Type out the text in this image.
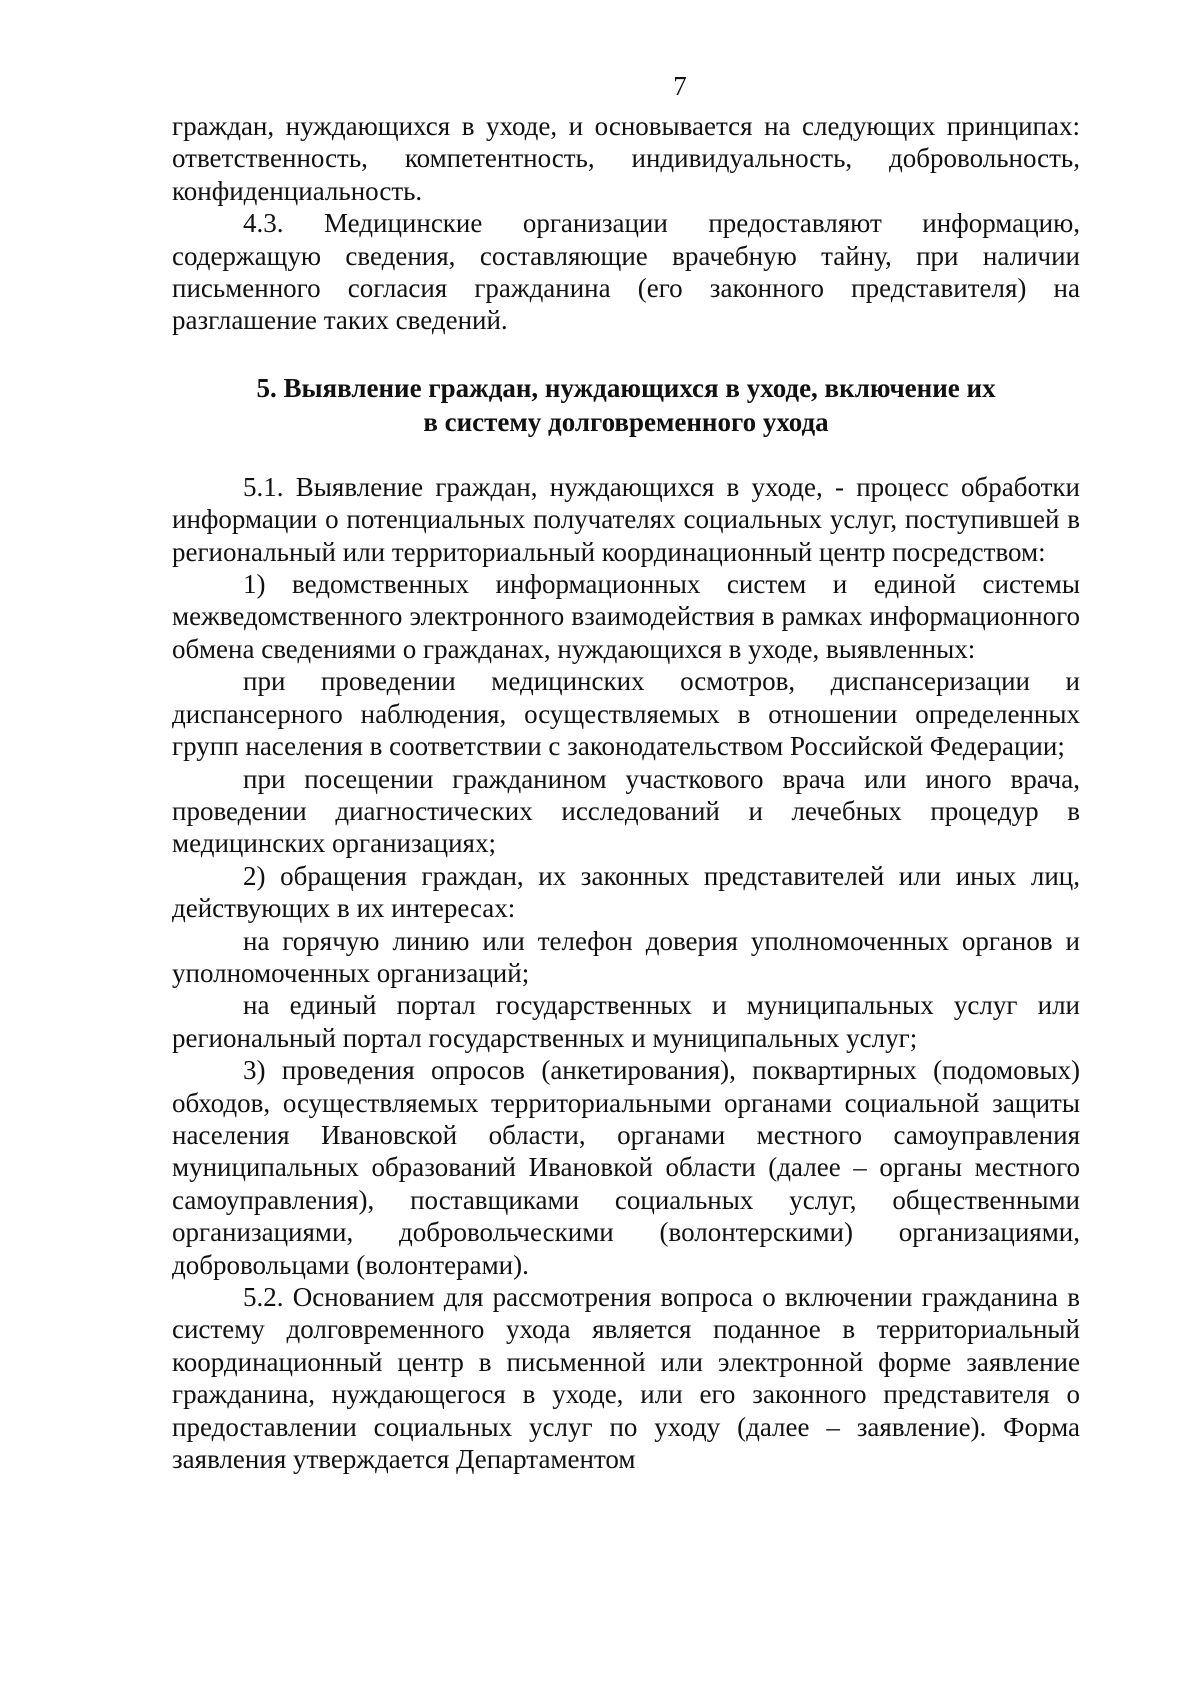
7

граждан, нуждающихся в уходе, и основывается на следующих принципах: ответственность, компетентность, индивидуальность, добровольность, конфиденциальность.

4.3. Медицинские организации предоставляют информацию, содержащую сведения, составляющие врачебную тайну, при наличии письменного согласия гражданина (его законного представителя) на разглашение таких сведений.

5. Выявление граждан, нуждающихся в уходе, включение их
в систему долговременного ухода

5.1. Выявление граждан, нуждающихся в уходе, - процесс обработки информации о потенциальных получателях социальных услуг, поступившей в региональный или территориальный координационный центр посредством:

1) ведомственных информационных систем и единой системы межведомственного электронного взаимодействия в рамках информационного обмена сведениями о гражданах, нуждающихся в уходе, выявленных:

при проведении медицинских осмотров, диспансеризации и диспансерного наблюдения, осуществляемых в отношении определенных групп населения в соответствии с законодательством Российской Федерации;

при посещении гражданином участкового врача или иного врача, проведении диагностических исследований и лечебных процедур в медицинских организациях;

2) обращения граждан, их законных представителей или иных лиц, действующих в их интересах:

на горячую линию или телефон доверия уполномоченных органов и уполномоченных организаций;

на единый портал государственных и муниципальных услуг или региональный портал государственных и муниципальных услуг;

3) проведения опросов (анкетирования), поквартирных (подомовых) обходов, осуществляемых территориальными органами социальной защиты населения Ивановской области, органами местного самоуправления муниципальных образований Ивановкой области (далее – органы местного самоуправления), поставщиками социальных услуг, общественными организациями, добровольческими (волонтерскими) организациями, добровольцами (волонтерами).

5.2. Основанием для рассмотрения вопроса о включении гражданина в систему долговременного ухода является поданное в территориальный координационный центр в письменной или электронной форме заявление гражданина, нуждающегося в уходе, или его законного представителя о предоставлении социальных услуг по уходу (далее – заявление). Форма заявления утверждается Департаментом
